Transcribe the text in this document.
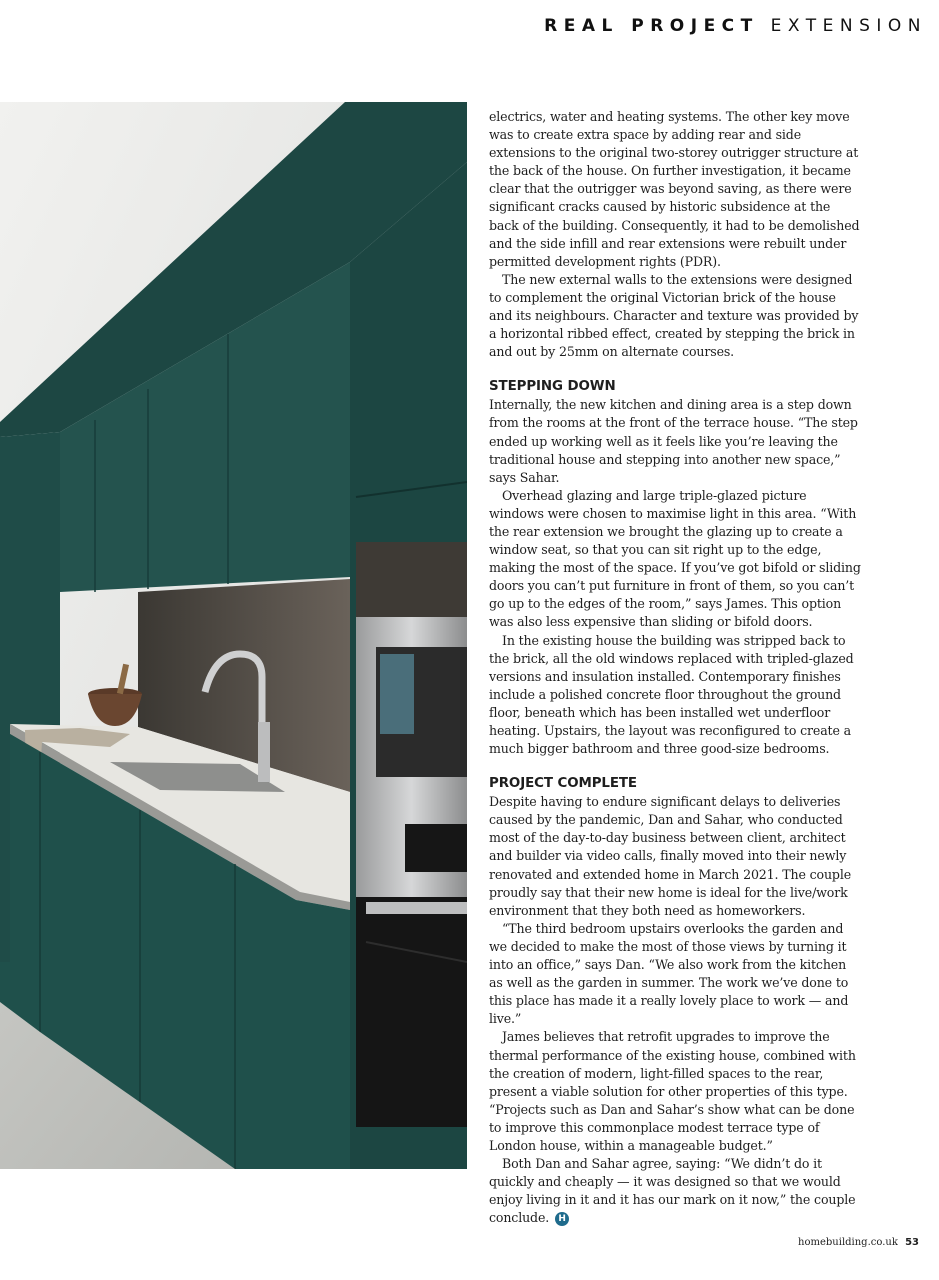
REAL PROJECT EXTENSION

electrics, water and heating systems. The other key move was to create extra space by adding rear and side extensions to the original two-storey outrigger structure at the back of the house. On further investigation, it became clear that the outrigger was beyond saving, as there were significant cracks caused by historic subsidence at the back of the building. Consequently, it had to be demolished and the side infill and rear extensions were rebuilt under permitted development rights (PDR).

The new external walls to the extensions were designed to complement the original Victorian brick of the house and its neighbours. Character and texture was provided by a horizontal ribbed effect, created by stepping the brick in and out by 25mm on alternate courses.

STEPPING DOWN

Internally, the new kitchen and dining area is a step down from the rooms at the front of the terrace house. “The step ended up working well as it feels like you’re leaving the traditional house and stepping into another new space,” says Sahar.

Overhead glazing and large triple-glazed picture windows were chosen to maximise light in this area. “With the rear extension we brought the glazing up to create a window seat, so that you can sit right up to the edge, making the most of the space. If you’ve got bifold or sliding doors you can’t put furniture in front of them, so you can’t go up to the edges of the room,” says James. This option was also less expensive than sliding or bifold doors.

In the existing house the building was stripped back to the brick, all the old windows replaced with tripled-glazed versions and insulation installed. Contemporary finishes include a polished concrete floor throughout the ground floor, beneath which has been installed wet underfloor heating. Upstairs, the layout was reconfigured to create a much bigger bathroom and three good-size bedrooms.

PROJECT COMPLETE

Despite having to endure significant delays to deliveries caused by the pandemic, Dan and Sahar, who conducted most of the day-to-day business between client, architect and builder via video calls, finally moved into their newly renovated and extended home in March 2021. The couple proudly say that their new home is ideal for the live/work environment that they both need as homeworkers.

“The third bedroom upstairs overlooks the garden and we decided to make the most of those views by turning it into an office,” says Dan. “We also work from the kitchen as well as the garden in summer. The work we’ve done to this place has made it a really lovely place to work — and live.”

James believes that retrofit upgrades to improve the thermal performance of the existing house, combined with the creation of modern, light-filled spaces to the rear, present a viable solution for other properties of this type. “Projects such as Dan and Sahar’s show what can be done to improve this commonplace modest terrace type of London house, within a manageable budget.”

Both Dan and Sahar agree, saying: “We didn’t do it quickly and cheaply — it was designed so that we would enjoy living in it and it has our mark on it now,” the couple conclude. H

homebuilding.co.uk 53
